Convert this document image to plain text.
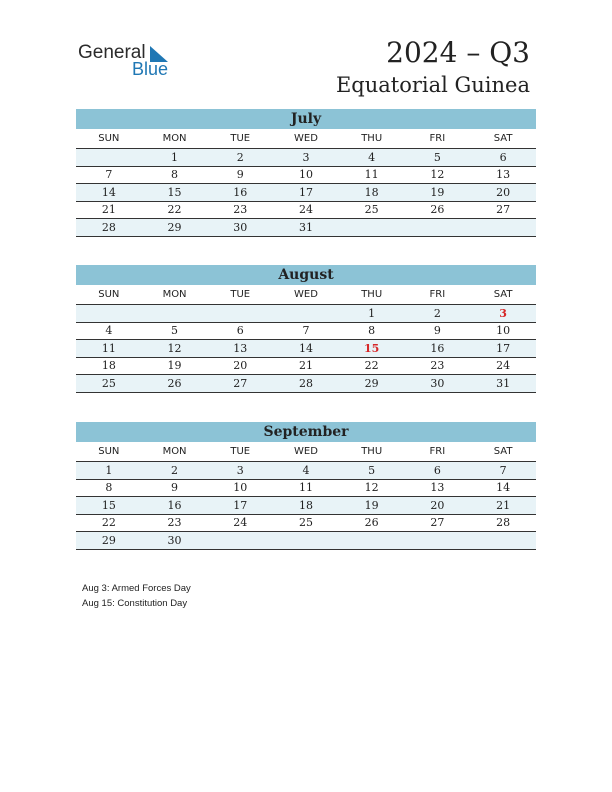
General
Blue	2024 – Q3
Equatorial Guinea
July
SUN	MON	TUE	WED	THU	FRI	SAT
	1	2	3	4	5	6
7	8	9	10	11	12	13
14	15	16	17	18	19	20
21	22	23	24	25	26	27
28	29	30	31			
August
SUN	MON	TUE	WED	THU	FRI	SAT
				1	2	3
4	5	6	7	8	9	10
11	12	13	14	15	16	17
18	19	20	21	22	23	24
25	26	27	28	29	30	31
September
SUN	MON	TUE	WED	THU	FRI	SAT
1	2	3	4	5	6	7
8	9	10	11	12	13	14
15	16	17	18	19	20	21
22	23	24	25	26	27	28
29	30					
Aug 3: Armed Forces Day
Aug 15: Constitution Day
